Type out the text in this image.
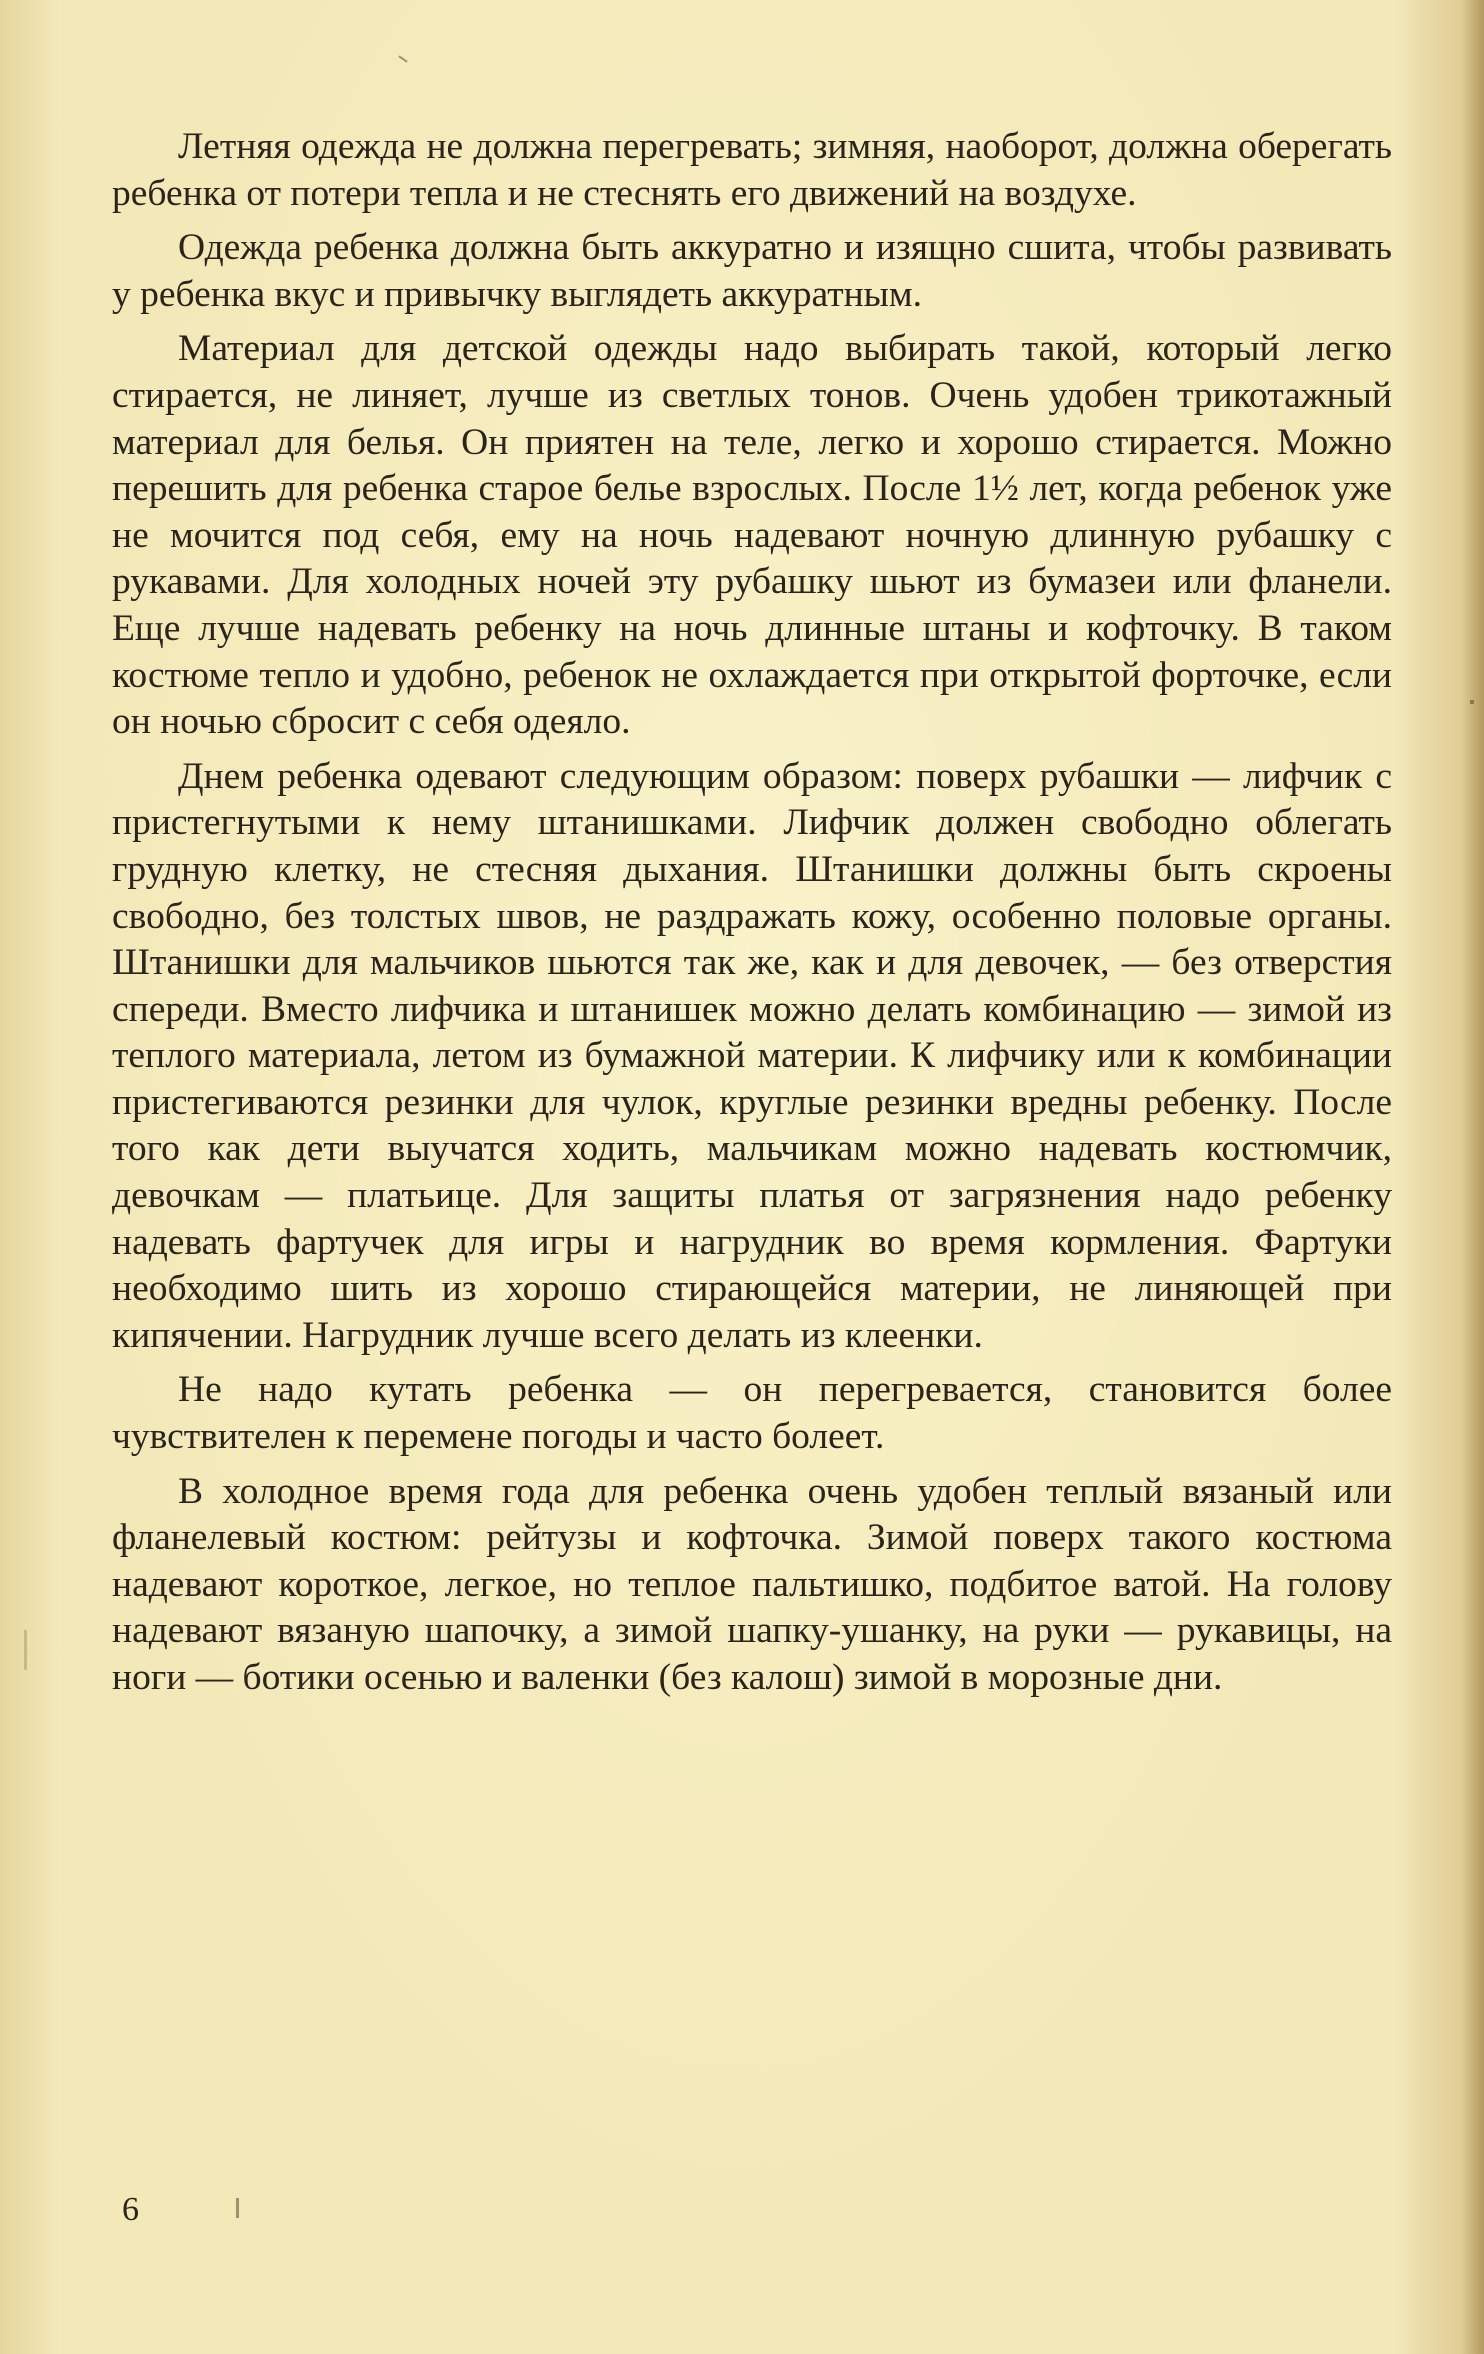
Летняя одежда не должна перегревать; зимняя, наоборот, должна оберегать ребенка от потери тепла и не стеснять его движений на воздухе.

Одежда ребенка должна быть аккуратно и изящно сшита, чтобы развивать у ребенка вкус и привычку выглядеть аккуратным.

Материал для детской одежды надо выбирать такой, который легко стирается, не линяет, лучше из светлых тонов. Очень удобен трикотажный материал для белья. Он приятен на теле, легко и хорошо стирается. Можно перешить для ребенка старое белье взрослых. После 1½ лет, когда ребенок уже не мочится под себя, ему на ночь надевают ночную длинную рубашку с рукавами. Для холодных ночей эту рубашку шьют из бумазеи или фланели. Еще лучше надевать ребенку на ночь длинные штаны и кофточку. В таком костюме тепло и удобно, ребенок не охлаждается при открытой форточке, если он ночью сбросит с себя одеяло.

Днем ребенка одевают следующим образом: поверх рубашки — лифчик с пристегнутыми к нему штанишками. Лифчик должен свободно облегать грудную клетку, не стесняя дыхания. Штанишки должны быть скроены свободно, без толстых швов, не раздражать кожу, особенно половые органы. Штанишки для мальчиков шьются так же, как и для девочек, — без отверстия спереди. Вместо лифчика и штанишек можно делать комбинацию — зимой из теплого материала, летом из бумажной материи. К лифчику или к комбинации пристегиваются резинки для чулок, круглые резинки вредны ребенку. После того как дети выучатся ходить, мальчикам можно надевать костюмчик, девочкам — платьице. Для защиты платья от загрязнения надо ребенку надевать фартучек для игры и нагрудник во время кормления. Фартуки необходимо шить из хорошо стирающейся материи, не линяющей при кипячении. Нагрудник лучше всего делать из клеенки.

Не надо кутать ребенка — он перегревается, становится более чувствителен к перемене погоды и часто болеет.

В холодное время года для ребенка очень удобен теплый вязаный или фланелевый костюм: рейтузы и кофточка. Зимой поверх такого костюма надевают короткое, легкое, но теплое пальтишко, подбитое ватой. На голову надевают вязаную шапочку, а зимой шапку-ушанку, на руки — рукавицы, на ноги — ботики осенью и валенки (без калош) зимой в морозные дни.

6
